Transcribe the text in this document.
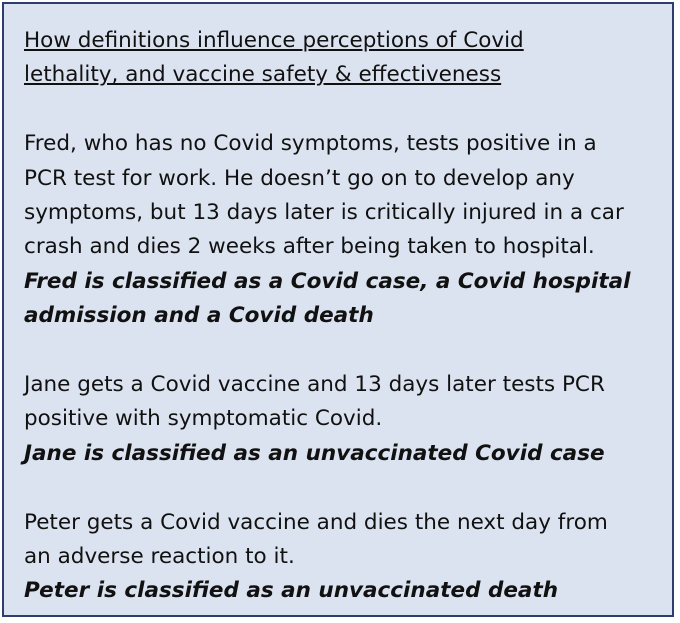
How definitions influence perceptions of Covid
lethality, and vaccine safety & effectiveness

Fred, who has no Covid symptoms, tests positive in a

PCR test for work. He doesn’t go on to develop any

symptoms, but 13 days later is critically injured in a car

crash and dies 2 weeks after being taken to hospital.

Fred is classified as a Covid case, a Covid hospital

admission and a Covid death

Jane gets a Covid vaccine and 13 days later tests PCR

positive with symptomatic Covid.

Jane is classified as an unvaccinated Covid case

Peter gets a Covid vaccine and dies the next day from

an adverse reaction to it.

Peter is classified as an unvaccinated death
